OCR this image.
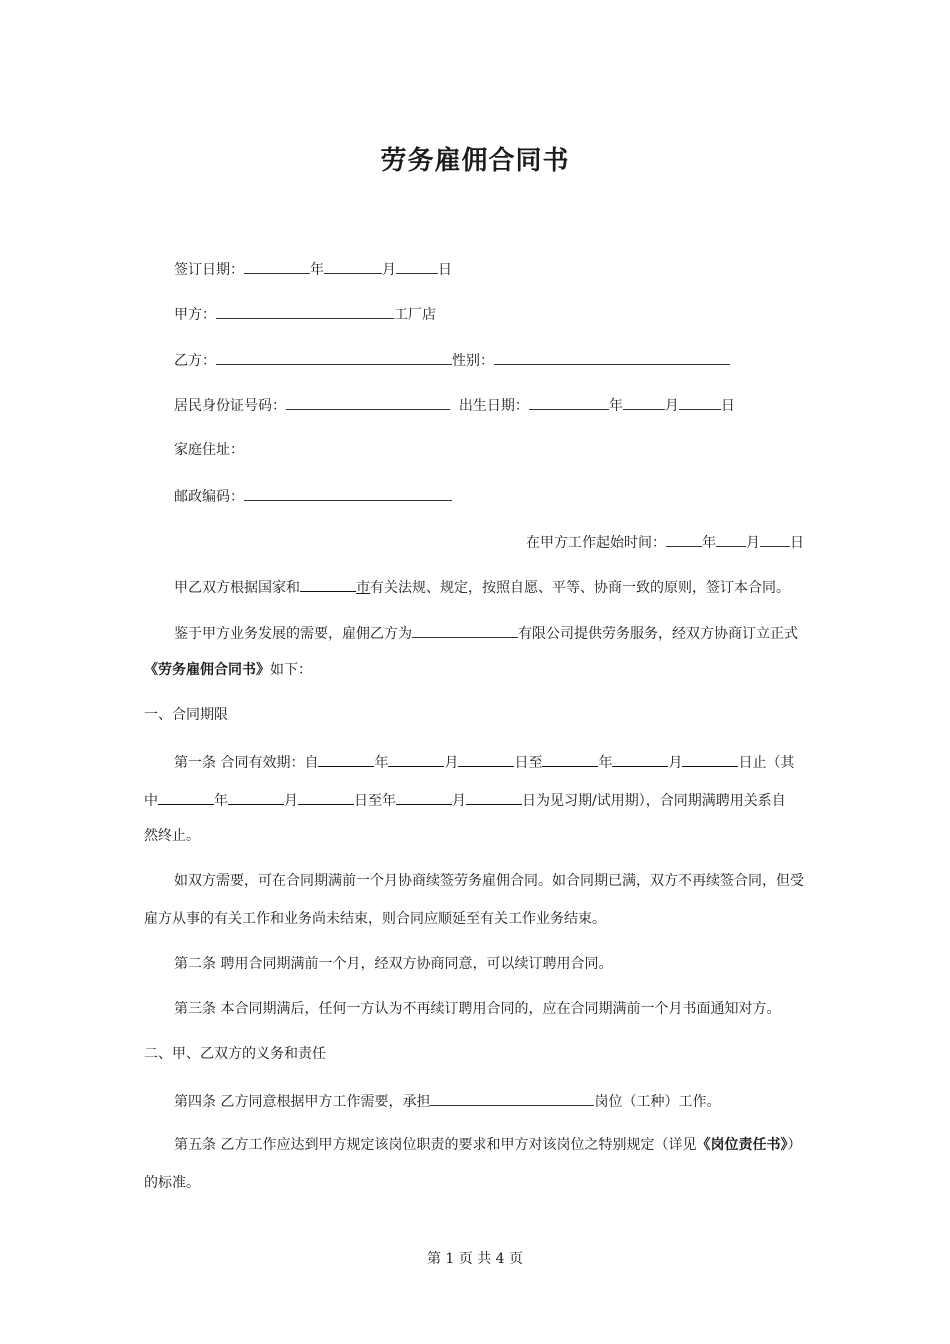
劳务雇佣合同书
签订日期：	年	月	日
甲方：	工厂店
乙方：	性别：
居民身份证号码：	出生日期：	年	月	日
家庭住址：
邮政编码：
在甲方工作起始时间：	年 月 日
甲乙双方根据国家和	市有关法规、规定，按照自愿、平等、协商一致的原则，签订本合同。
鉴于甲方业务发展的需要，雇佣乙方为	有限公司提供劳务服务，经双方协商订立正式
《劳务雇佣合同书》如下：
一、合同期限
第一条 合同有效期：自	年	月	日至	年	月	日止（其
中	年	月	日至年	月	日为见习期/试用期），合同期满聘用关系自
然终止。
如双方需要，可在合同期满前一个月协商续签劳务雇佣合同。如合同期已满，双方不再续签合同，但受
雇方从事的有关工作和业务尚未结束，则合同应顺延至有关工作业务结束。
第二条 聘用合同期满前一个月，经双方协商同意，可以续订聘用合同。
第三条 本合同期满后，任何一方认为不再续订聘用合同的，应在合同期满前一个月书面通知对方。
二、甲、乙双方的义务和责任
第四条 乙方同意根据甲方工作需要，承担	岗位（工种）工作。
第五条 乙方工作应达到甲方规定该岗位职责的要求和甲方对该岗位之特别规定（详见《岗位责任书》）
的标准。
第 1 页 共 4 页
